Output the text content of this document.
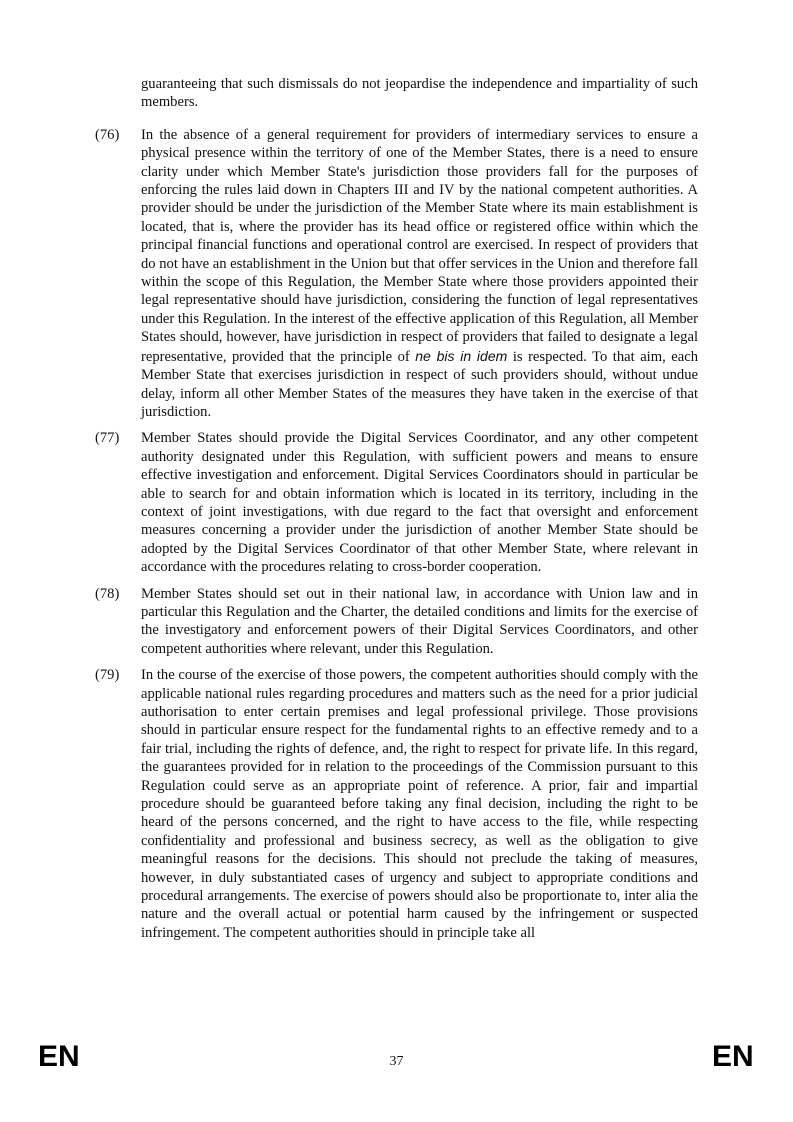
guaranteeing that such dismissals do not jeopardise the independence and impartiality of such members.
(76)	In the absence of a general requirement for providers of intermediary services to ensure a physical presence within the territory of one of the Member States, there is a need to ensure clarity under which Member State's jurisdiction those providers fall for the purposes of enforcing the rules laid down in Chapters III and IV by the national competent authorities. A provider should be under the jurisdiction of the Member State where its main establishment is located, that is, where the provider has its head office or registered office within which the principal financial functions and operational control are exercised. In respect of providers that do not have an establishment in the Union but that offer services in the Union and therefore fall within the scope of this Regulation, the Member State where those providers appointed their legal representative should have jurisdiction, considering the function of legal representatives under this Regulation. In the interest of the effective application of this Regulation, all Member States should, however, have jurisdiction in respect of providers that failed to designate a legal representative, provided that the principle of ne bis in idem is respected. To that aim, each Member State that exercises jurisdiction in respect of such providers should, without undue delay, inform all other Member States of the measures they have taken in the exercise of that jurisdiction.
(77)	Member States should provide the Digital Services Coordinator, and any other competent authority designated under this Regulation, with sufficient powers and means to ensure effective investigation and enforcement. Digital Services Coordinators should in particular be able to search for and obtain information which is located in its territory, including in the context of joint investigations, with due regard to the fact that oversight and enforcement measures concerning a provider under the jurisdiction of another Member State should be adopted by the Digital Services Coordinator of that other Member State, where relevant in accordance with the procedures relating to cross-border cooperation.
(78)	Member States should set out in their national law, in accordance with Union law and in particular this Regulation and the Charter, the detailed conditions and limits for the exercise of the investigatory and enforcement powers of their Digital Services Coordinators, and other competent authorities where relevant, under this Regulation.
(79)	In the course of the exercise of those powers, the competent authorities should comply with the applicable national rules regarding procedures and matters such as the need for a prior judicial authorisation to enter certain premises and legal professional privilege. Those provisions should in particular ensure respect for the fundamental rights to an effective remedy and to a fair trial, including the rights of defence, and, the right to respect for private life. In this regard, the guarantees provided for in relation to the proceedings of the Commission pursuant to this Regulation could serve as an appropriate point of reference. A prior, fair and impartial procedure should be guaranteed before taking any final decision, including the right to be heard of the persons concerned, and the right to have access to the file, while respecting confidentiality and professional and business secrecy, as well as the obligation to give meaningful reasons for the decisions. This should not preclude the taking of measures, however, in duly substantiated cases of urgency and subject to appropriate conditions and procedural arrangements. The exercise of powers should also be proportionate to, inter alia the nature and the overall actual or potential harm caused by the infringement or suspected infringement. The competent authorities should in principle take all
EN	37	EN
